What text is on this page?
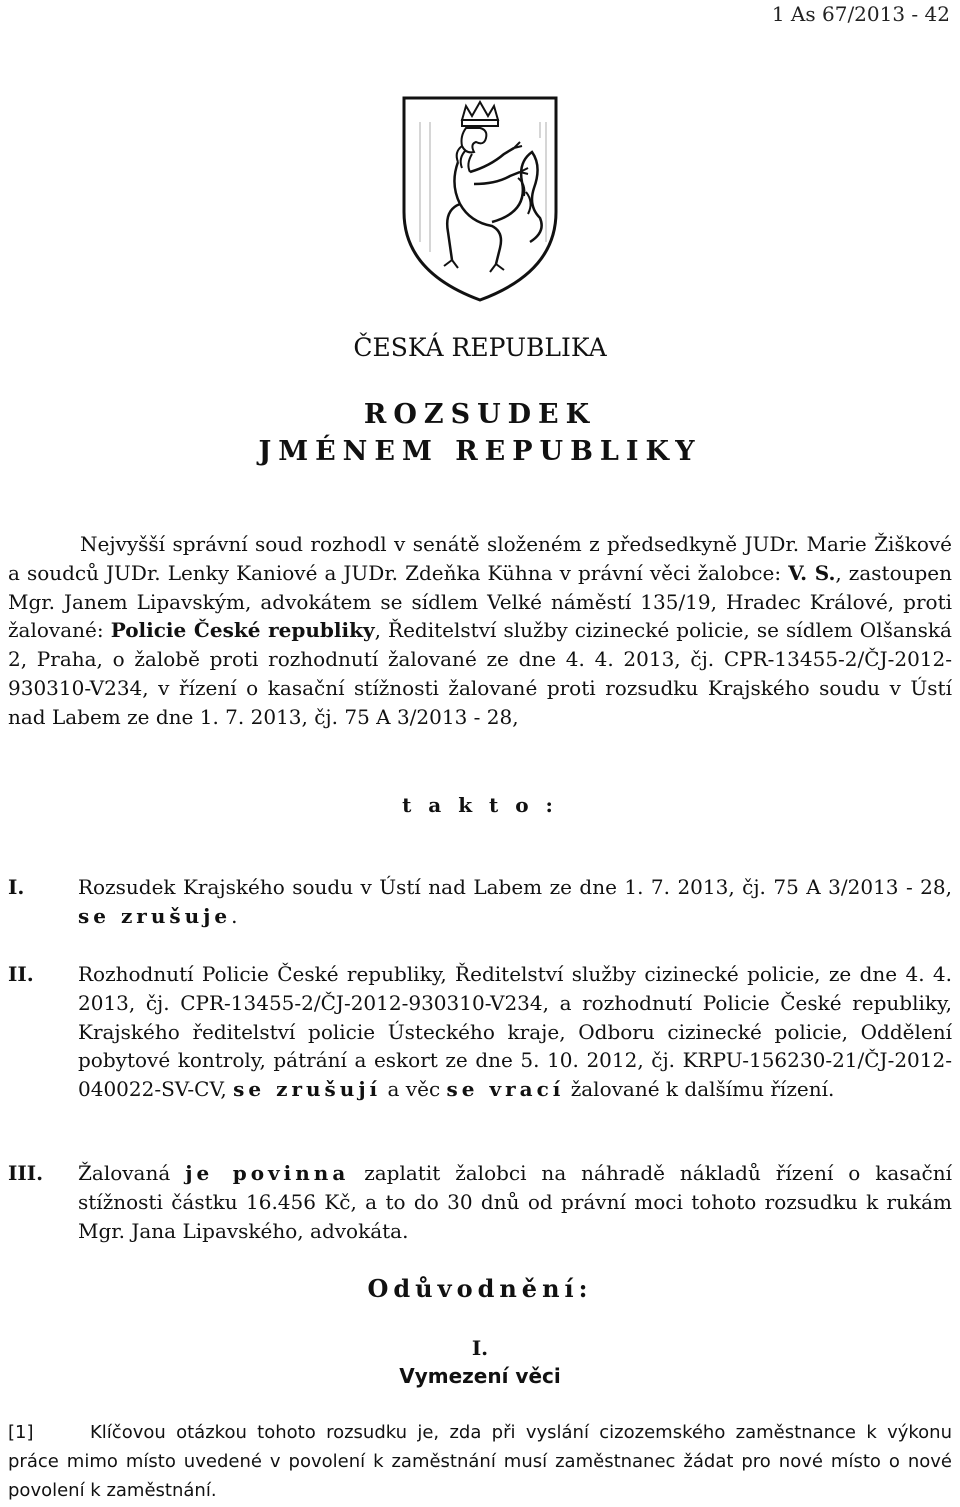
1 As 67/2013 - 42
ČESKÁ REPUBLIKA
ROZSUDEK
JMÉNEM REPUBLIKY

Nejvyšší správní soud rozhodl v senátě složeném z předsedkyně JUDr. Marie Žiškové a soudců JUDr. Lenky Kaniové a JUDr. Zdeňka Kühna v právní věci žalobce: V. S., zastoupen Mgr. Janem Lipavským, advokátem se sídlem Velké náměstí 135/19, Hradec Králové, proti žalované: Policie České republiky, Ředitelství služby cizinecké policie, se sídlem Olšanská 2, Praha, o žalobě proti rozhodnutí žalované ze dne 4. 4. 2013, čj. CPR-13455-2/ČJ-2012-930310-V234, v řízení o kasační stížnosti žalované proti rozsudku Krajského soudu v Ústí nad Labem ze dne 1. 7. 2013, čj. 75 A 3/2013 - 28,

t a k t o :
I.	Rozsudek Krajského soudu v Ústí nad Labem ze dne 1. 7. 2013, čj. 75 A 3/2013 - 28, se zrušuje.
II. Rozhodnutí Policie České republiky, Ředitelství služby cizinecké policie, ze dne 4. 4. 2013, čj. CPR-13455-2/ČJ-2012-930310-V234, a rozhodnutí Policie České republiky, Krajského ředitelství policie Ústeckého kraje, Odboru cizinecké policie, Oddělení pobytové kontroly, pátrání a eskort ze dne 5. 10. 2012, čj. KRPU-156230-21/ČJ-2012-040022-SV-CV, se zrušují a věc se vrací žalované k dalšímu řízení.
III. Žalovaná je povinna zaplatit žalobci na náhradě nákladů řízení o kasační stížnosti částku 16.456 Kč, a to do 30 dnů od právní moci tohoto rozsudku k rukám Mgr. Jana Lipavského, advokáta.
Odůvodnění:
I.
Vymezení věci

[1]	Klíčovou otázkou tohoto rozsudku je, zda při vyslání cizozemského zaměstnance k výkonu práce mimo místo uvedené v povolení k zaměstnání musí zaměstnanec žádat pro nové místo o nové povolení k zaměstnání.
